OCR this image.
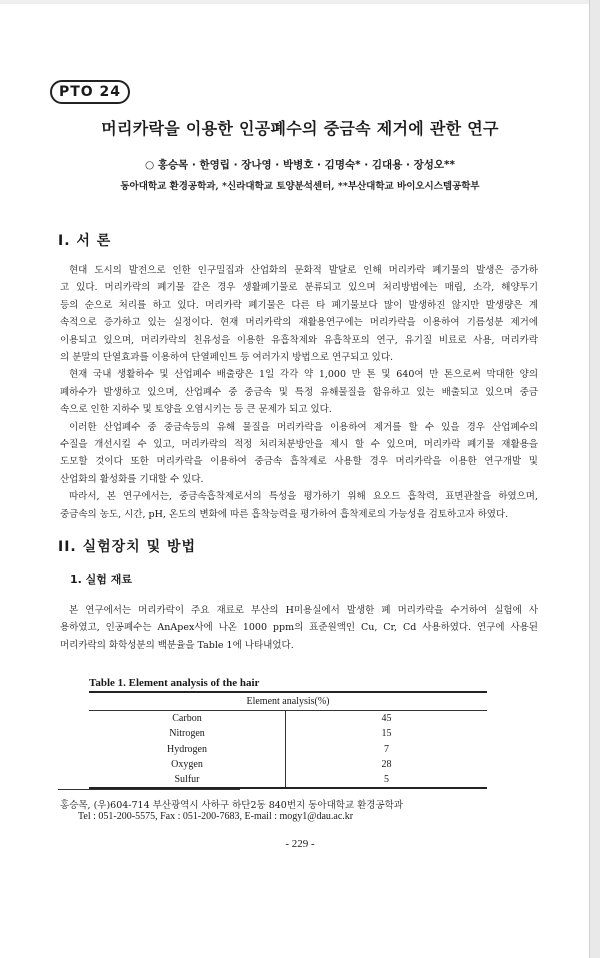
PTO 24
머리카락을 이용한 인공폐수의 중금속 제거에 관한 연구
○ 홍승목 · 한영립 · 장나영 · 박병호 · 김명숙* · 김대용 · 장성오**
동아대학교 환경공학과, *신라대학교 토양분석센터, **부산대학교 바이오시스템공학부
I. 서 론
현대 도시의 발전으로 인한 인구밀집과 산업화의 문화적 발달로 인해 머리카락 폐기물의 발생은 증가하
고 있다. 머리카락의 폐기물 같은 경우 생활폐기물로 분류되고 있으며 처리방법에는 매립, 소각, 해양투기
등의 순으로 처리를 하고 있다. 머리카락 폐기물은 다른 타 폐기물보다 많이 발생하진 않지만 발생량은 계
속적으로 증가하고 있는 실정이다. 현재 머리카락의 재활용연구에는 머리카락을 이용하여 기름성분 제거에
이용되고 있으며, 머리카락의 친유성을 이용한 유흡착제와 유흡착포의 연구, 유기질 비료로 사용, 머리카락
의 분말의 단열효과를 이용하여 단열페인트 등 여러가지 방법으로 연구되고 있다.
현재 국내 생활하수 및 산업폐수 배출량은 1일 각각 약 1,000 만 톤 및 640여 만 톤으로써 막대한 양의
폐하수가 발생하고 있으며, 산업폐수 중 중금속 및 특정 유해물질을 함유하고 있는 배출되고 있으며 중금
속으로 인한 지하수 및 토양을 오염시키는 등 큰 문제가 되고 있다.
이러한 산업폐수 중 중금속등의 유해 물질을 머리카락을 이용하여 제거를 할 수 있을 경우 산업폐수의
수질을 개선시킬 수 있고, 머리카락의 적정 처리처분방안을 제시 할 수 있으며, 머리카락 폐기물 재활용을
도모할 것이다 또한 머리카락을 이용하여 중금속 흡착제로 사용할 경우 머리카락을 이용한 연구개발 및
산업화의 활성화를 기대할 수 있다.
따라서, 본 연구에서는, 중금속흡착제로서의 특성을 평가하기 위해 요오드 흡착력, 표면관찰을 하였으며,
중금속의 농도, 시간, pH, 온도의 변화에 따른 흡착능력을 평가하여 흡착제로의 가능성을 검토하고자 하였다.
II. 실험장치 및 방법
1. 실험 재료
본 연구에서는 머리카락이 주요 재료로 부산의 H미용실에서 발생한 폐 머리카락을 수거하여 실험에 사
용하였고, 인공폐수는 AnApex사에 나온 1000 ppm의 표준원액인 Cu, Cr, Cd 사용하였다. 연구에 사용된
머리카락의 화학성분의 백분율을 Table 1에 나타내었다.
Table 1. Element analysis of the hair
Element analysis(%)	
Carbon	45
Nitrogen	15
Hydrogen	7
Oxygen	28
Sulfur	5
홍승목, (우)604-714 부산광역시 사하구 하단2동 840번지 동아대학교 환경공학과
Tel : 051-200-5575, Fax : 051-200-7683, E-mail : mogy1@dau.ac.kr
- 229 -
